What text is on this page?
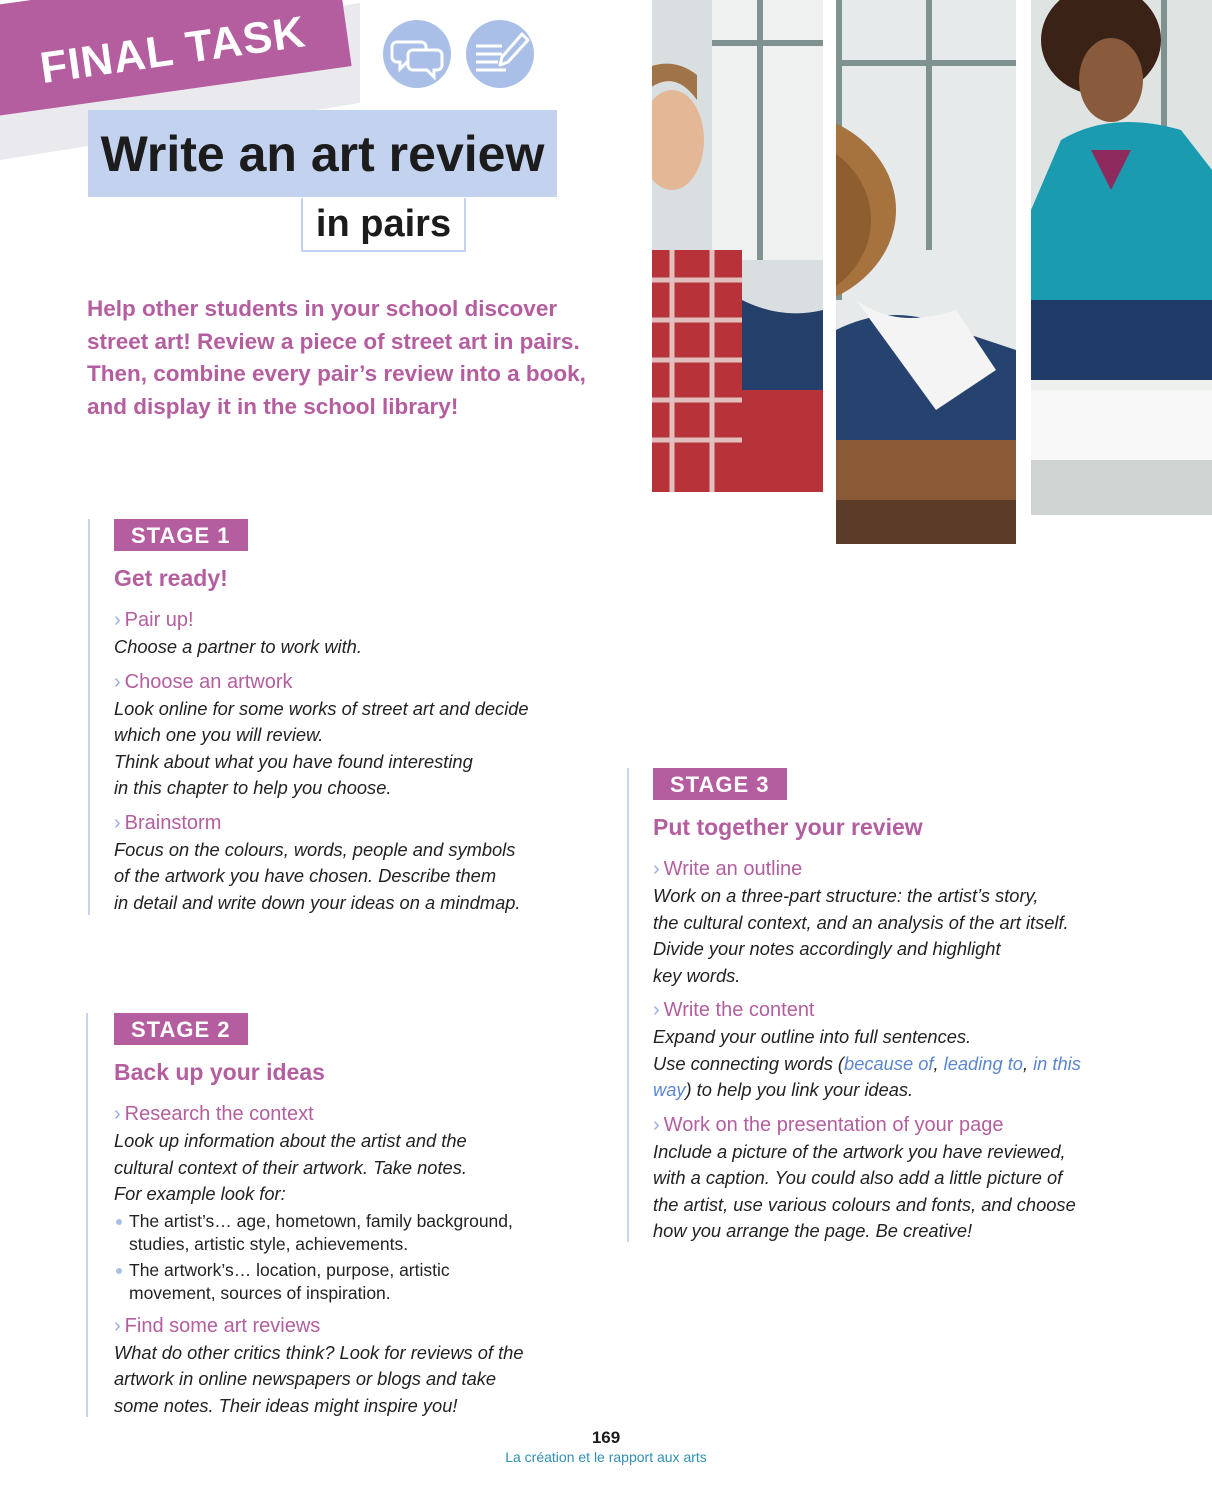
FINAL TASK
Write an art review
in pairs

Help other students in your school discover street art! Review a piece of street art in pairs. Then, combine every pair’s review into a book, and display it in the school library!

STAGE 1
Get ready!
› Pair up!
Choose a partner to work with.
› Choose an artwork
Look online for some works of street art and decide
which one you will review.
Think about what you have found interesting
in this chapter to help you choose.
› Brainstorm
Focus on the colours, words, people and symbols
of the artwork you have chosen. Describe them
in detail and write down your ideas on a mindmap.
STAGE 2
Back up your ideas
› Research the context
Look up information about the artist and the
cultural context of their artwork. Take notes.
For example look for:
The artist’s… age, hometown, family background,
studies, artistic style, achievements.
The artwork’s… location, purpose, artistic
movement, sources of inspiration.
› Find some art reviews
What do other critics think? Look for reviews of the
artwork in online newspapers or blogs and take
some notes. Their ideas might inspire you!
STAGE 3
Put together your review
› Write an outline
Work on a three-part structure: the artist’s story,
the cultural context, and an analysis of the art itself.
Divide your notes accordingly and highlight
key words.
› Write the content
Expand your outline into full sentences.
Use connecting words (because of, leading to, in this
way) to help you link your ideas.
› Work on the presentation of your page
Include a picture of the artwork you have reviewed,
with a caption. You could also add a little picture of
the artist, use various colours and fonts, and choose
how you arrange the page. Be creative!
169
La création et le rapport aux arts
